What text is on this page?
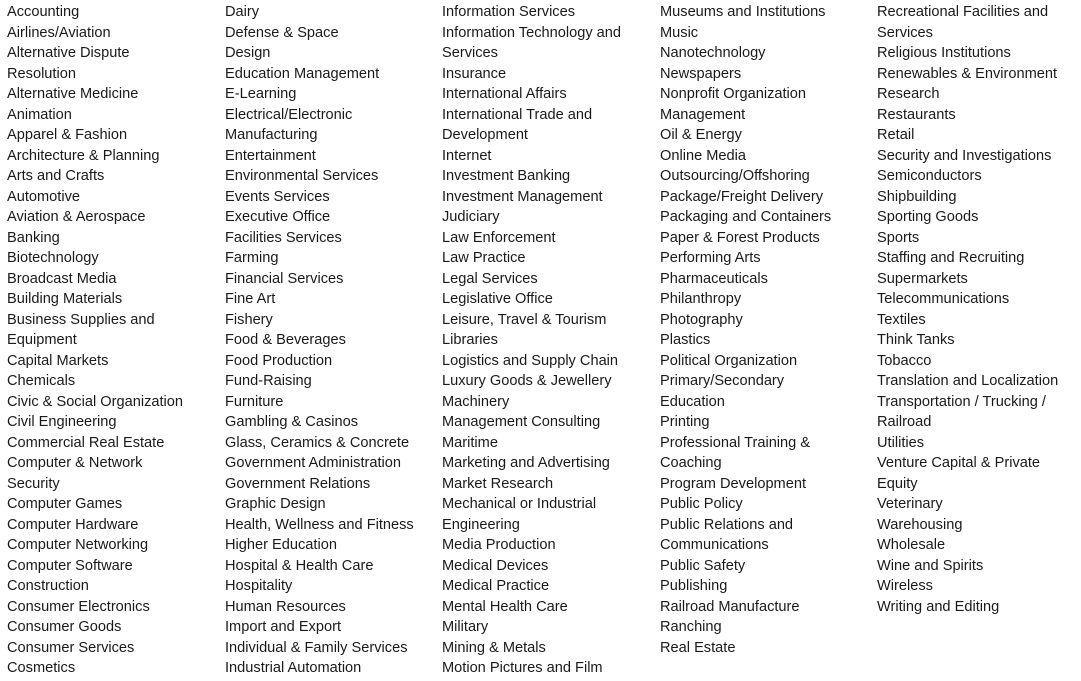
Accounting
Airlines/Aviation
Alternative Dispute
Resolution
Alternative Medicine
Animation
Apparel & Fashion
Architecture & Planning
Arts and Crafts
Automotive
Aviation & Aerospace
Banking
Biotechnology
Broadcast Media
Building Materials
Business Supplies and
Equipment
Capital Markets
Chemicals
Civic & Social Organization
Civil Engineering
Commercial Real Estate
Computer & Network
Security
Computer Games
Computer Hardware
Computer Networking
Computer Software
Construction
Consumer Electronics
Consumer Goods
Consumer Services
Cosmetics
Dairy
Defense & Space
Design
Education Management
E-Learning
Electrical/Electronic
Manufacturing
Entertainment
Environmental Services
Events Services
Executive Office
Facilities Services
Farming
Financial Services
Fine Art
Fishery
Food & Beverages
Food Production
Fund-Raising
Furniture
Gambling & Casinos
Glass, Ceramics & Concrete
Government Administration
Government Relations
Graphic Design
Health, Wellness and Fitness
Higher Education
Hospital & Health Care
Hospitality
Human Resources
Import and Export
Individual & Family Services
Industrial Automation
Information Services
Information Technology and
Services
Insurance
International Affairs
International Trade and
Development
Internet
Investment Banking
Investment Management
Judiciary
Law Enforcement
Law Practice
Legal Services
Legislative Office
Leisure, Travel & Tourism
Libraries
Logistics and Supply Chain
Luxury Goods & Jewellery
Machinery
Management Consulting
Maritime
Marketing and Advertising
Market Research
Mechanical or Industrial
Engineering
Media Production
Medical Devices
Medical Practice
Mental Health Care
Military
Mining & Metals
Motion Pictures and Film
Museums and Institutions
Music
Nanotechnology
Newspapers
Nonprofit Organization
Management
Oil & Energy
Online Media
Outsourcing/Offshoring
Package/Freight Delivery
Packaging and Containers
Paper & Forest Products
Performing Arts
Pharmaceuticals
Philanthropy
Photography
Plastics
Political Organization
Primary/Secondary
Education
Printing
Professional Training &
Coaching
Program Development
Public Policy
Public Relations and
Communications
Public Safety
Publishing
Railroad Manufacture
Ranching
Real Estate
Recreational Facilities and
Services
Religious Institutions
Renewables & Environment
Research
Restaurants
Retail
Security and Investigations
Semiconductors
Shipbuilding
Sporting Goods
Sports
Staffing and Recruiting
Supermarkets
Telecommunications
Textiles
Think Tanks
Tobacco
Translation and Localization
Transportation / Trucking /
Railroad
Utilities
Venture Capital & Private
Equity
Veterinary
Warehousing
Wholesale
Wine and Spirits
Wireless
Writing and Editing
